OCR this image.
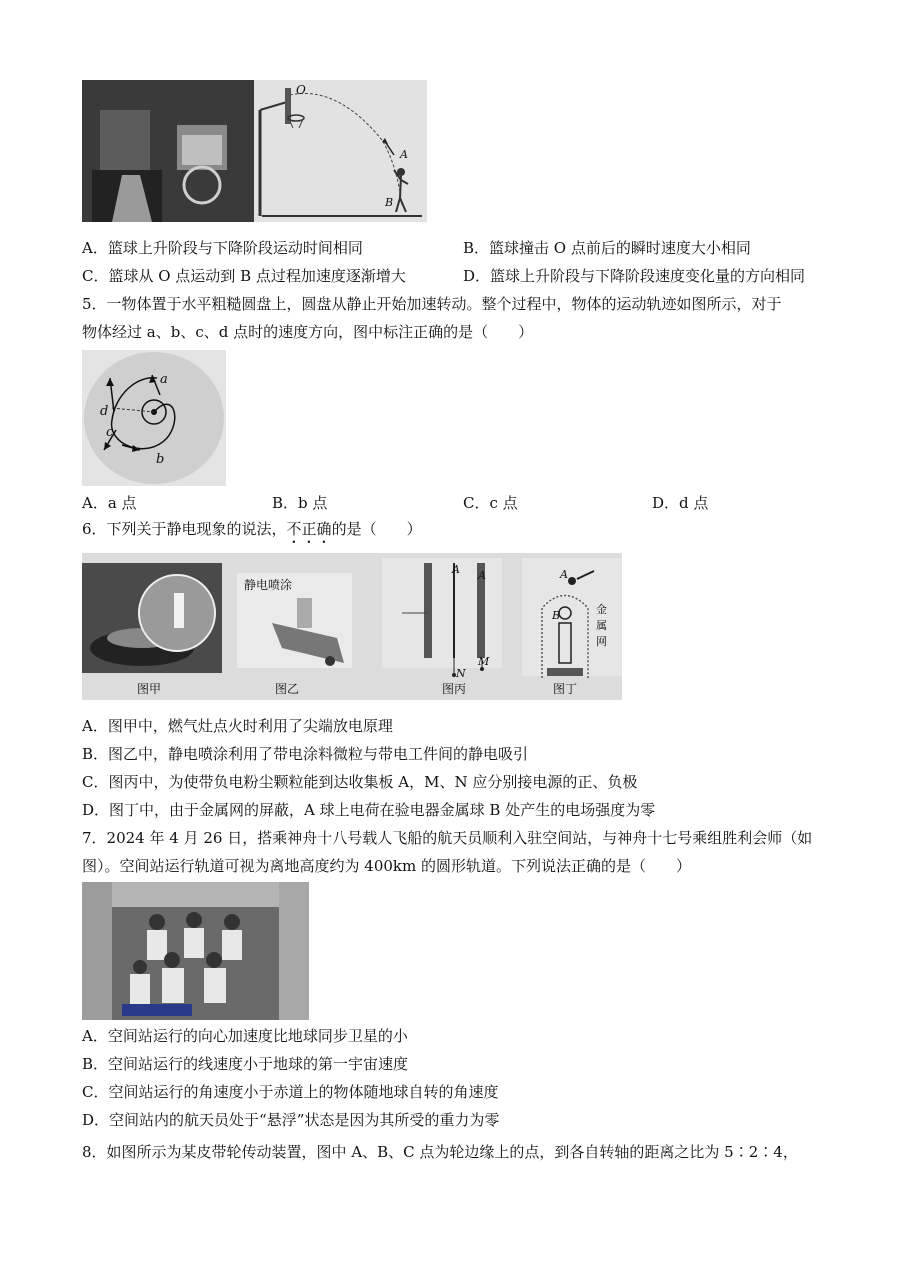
O
A
B
A．篮球上升阶段与下降阶段运动时间相同	B．篮球撞击 O 点前后的瞬时速度大小相同
C．篮球从 O 点运动到 B 点过程加速度逐渐增大	D．篮球上升阶段与下降阶段速度变化量的方向相同
5．一物体置于水平粗糙圆盘上，圆盘从静止开始加速转动。整个过程中，物体的运动轨迹如图所示，对于
物体经过 a、b、c、d 点时的速度方向，图中标注正确的是（　　）
a
d
c
b
A．a 点	B．b 点	C．c 点	D．d 点
6．下列关于静电现象的说法，不正确的是（　　）
图甲	图乙
静电喷涂
图丙	图丁
A A
M
N
A
B	金
属
网
A．图甲中，燃气灶点火时利用了尖端放电原理
B．图乙中，静电喷涂利用了带电涂料微粒与带电工件间的静电吸引
C．图丙中，为使带负电粉尘颗粒能到达收集板 A，M、N 应分别接电源的正、负极
D．图丁中，由于金属网的屏蔽，A 球上电荷在验电器金属球 B 处产生的电场强度为零
7．2024 年 4 月 26 日，搭乘神舟十八号载人飞船的航天员顺利入驻空间站，与神舟十七号乘组胜利会师（如
图）。空间站运行轨道可视为离地高度约为 400km 的圆形轨道。下列说法正确的是（　　）
A．空间站运行的向心加速度比地球同步卫星的小
B．空间站运行的线速度小于地球的第一宇宙速度
C．空间站运行的角速度小于赤道上的物体随地球自转的角速度
D．空间站内的航天员处于“悬浮”状态是因为其所受的重力为零
8．如图所示为某皮带轮传动装置，图中 A、B、C 点为轮边缘上的点，到各自转轴的距离之比为 5∶2∶4，
